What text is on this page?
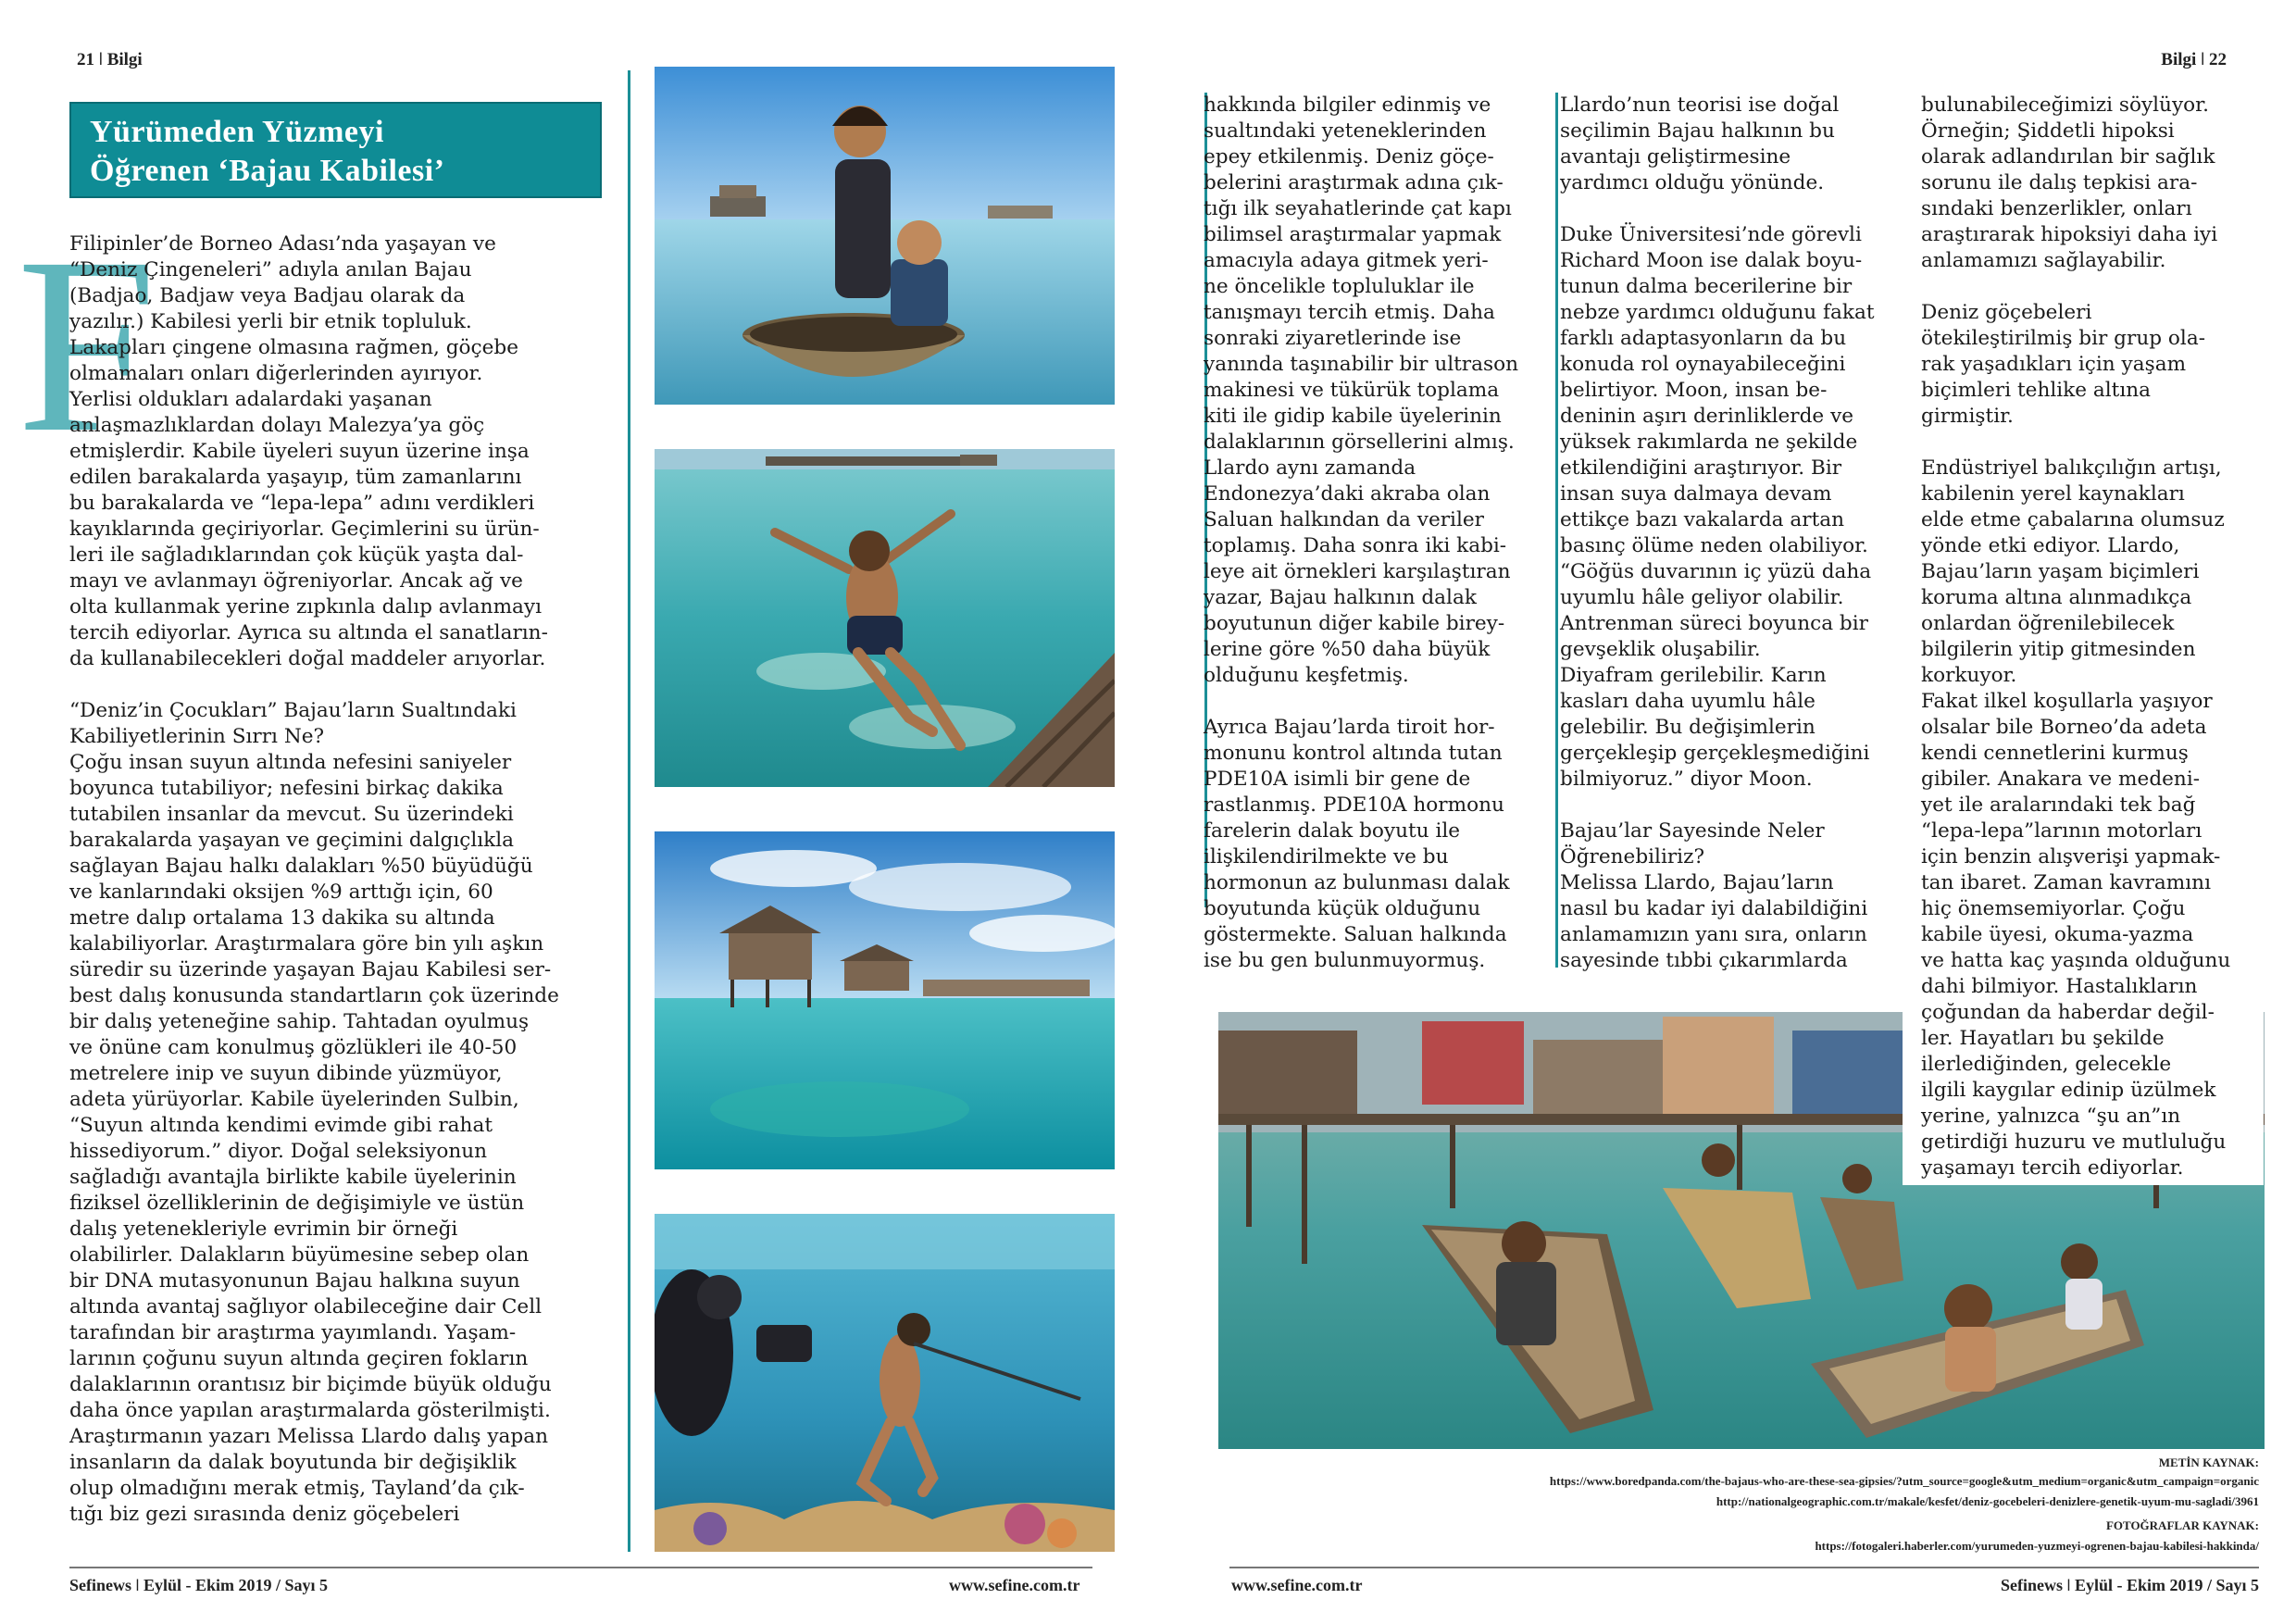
21 ǀ Bilgi	Bilgi ǀ 22
Yürümeden Yüzmeyi
Öğrenen ‘Bajau Kabilesi’
F

Filipinler’de Borneo Adası’nda yaşayan ve
“Deniz Çingeneleri” adıyla anılan Bajau
(Badjao, Badjaw veya Badjau olarak da
yazılır.) Kabilesi yerli bir etnik topluluk.
Lakapları çingene olmasına rağmen, göçebe
olmamaları onları diğerlerinden ayırıyor.
Yerlisi oldukları adalardaki yaşanan
anlaşmazlıklardan dolayı Malezya’ya göç
etmişlerdir. Kabile üyeleri suyun üzerine inşa
edilen barakalarda yaşayıp, tüm zamanlarını
bu barakalarda ve “lepa-lepa” adını verdikleri
kayıklarında geçiriyorlar. Geçimlerini su ürün-
leri ile sağladıklarından çok küçük yaşta dal-
mayı ve avlanmayı öğreniyorlar. Ancak ağ ve
olta kullanmak yerine zıpkınla dalıp avlanmayı
tercih ediyorlar. Ayrıca su altında el sanatların-
da kullanabilecekleri doğal maddeler arıyorlar.

“Deniz’in Çocukları” Bajau’ların Sualtındaki
Kabiliyetlerinin Sırrı Ne?
Çoğu insan suyun altında nefesini saniyeler
boyunca tutabiliyor; nefesini birkaç dakika
tutabilen insanlar da mevcut. Su üzerindeki
barakalarda yaşayan ve geçimini dalgıçlıkla
sağlayan Bajau halkı dalakları %50 büyüdüğü
ve kanlarındaki oksijen %9 arttığı için, 60
metre dalıp ortalama 13 dakika su altında
kalabiliyorlar. Araştırmalara göre bin yılı aşkın
süredir su üzerinde yaşayan Bajau Kabilesi ser-
best dalış konusunda standartların çok üzerinde
bir dalış yeteneğine sahip. Tahtadan oyulmuş
ve önüne cam konulmuş gözlükleri ile 40-50
metrelere inip ve suyun dibinde yüzmüyor,
adeta yürüyorlar. Kabile üyelerinden Sulbin,
“Suyun altında kendimi evimde gibi rahat
hissediyorum.” diyor. Doğal seleksiyonun
sağladığı avantajla birlikte kabile üyelerinin
fiziksel özelliklerinin de değişimiyle ve üstün
dalış yetenekleriyle evrimin bir örneği
olabilirler. Dalakların büyümesine sebep olan
bir DNA mutasyonunun Bajau halkına suyun
altında avantaj sağlıyor olabileceğine dair Cell
tarafından bir araştırma yayımlandı. Yaşam-
larının çoğunu suyun altında geçiren fokların
dalaklarının orantısız bir biçimde büyük olduğu
daha önce yapılan araştırmalarda gösterilmişti.
Araştırmanın yazarı Melissa Llardo dalış yapan
insanların da dalak boyutunda bir değişiklik
olup olmadığını merak etmiş, Tayland’da çık-
tığı biz gezi sırasında deniz göçebeleri

hakkında bilgiler edinmiş ve
sualtındaki yeteneklerinden
epey etkilenmiş. Deniz göçe-
belerini araştırmak adına çık-
tığı ilk seyahatlerinde çat kapı
bilimsel araştırmalar yapmak
amacıyla adaya gitmek yeri-
ne öncelikle topluluklar ile
tanışmayı tercih etmiş. Daha
sonraki ziyaretlerinde ise
yanında taşınabilir bir ultrason
makinesi ve tükürük toplama
kiti ile gidip kabile üyelerinin
dalaklarının görsellerini almış.
Llardo aynı zamanda
Endonezya’daki akraba olan
Saluan halkından da veriler
toplamış. Daha sonra iki kabi-
leye ait örnekleri karşılaştıran
yazar, Bajau halkının dalak
boyutunun diğer kabile birey-
lerine göre %50 daha büyük
olduğunu keşfetmiş.

Ayrıca Bajau’larda tiroit hor-
monunu kontrol altında tutan
PDE10A isimli bir gene de
rastlanmış. PDE10A hormonu
farelerin dalak boyutu ile
ilişkilendirilmekte ve bu
hormonun az bulunması dalak
boyutunda küçük olduğunu
göstermekte. Saluan halkında
ise bu gen bulunmuyormuş.

Llardo’nun teorisi ise doğal
seçilimin Bajau halkının bu
avantajı geliştirmesine
yardımcı olduğu yönünde.

Duke Üniversitesi’nde görevli
Richard Moon ise dalak boyu-
tunun dalma becerilerine bir
nebze yardımcı olduğunu fakat
farklı adaptasyonların da bu
konuda rol oynayabileceğini
belirtiyor. Moon, insan be-
deninin aşırı derinliklerde ve
yüksek rakımlarda ne şekilde
etkilendiğini araştırıyor. Bir
insan suya dalmaya devam
ettikçe bazı vakalarda artan
basınç ölüme neden olabiliyor.
“Göğüs duvarının iç yüzü daha
uyumlu hâle geliyor olabilir.
Antrenman süreci boyunca bir
gevşeklik oluşabilir.
Diyafram gerilebilir. Karın
kasları daha uyumlu hâle
gelebilir. Bu değişimlerin
gerçekleşip gerçekleşmediğini
bilmiyoruz.” diyor Moon.

Bajau’lar Sayesinde Neler
Öğrenebiliriz?
Melissa Llardo, Bajau’ların
nasıl bu kadar iyi dalabildiğini
anlamamızın yanı sıra, onların
sayesinde tıbbi çıkarımlarda

bulunabileceğimizi söylüyor.
Örneğin; Şiddetli hipoksi
olarak adlandırılan bir sağlık
sorunu ile dalış tepkisi ara-
sındaki benzerlikler, onları
araştırarak hipoksiyi daha iyi
anlamamızı sağlayabilir.

Deniz göçebeleri
ötekileştirilmiş bir grup ola-
rak yaşadıkları için yaşam
biçimleri tehlike altına
girmiştir.

Endüstriyel balıkçılığın artışı,
kabilenin yerel kaynakları
elde etme çabalarına olumsuz
yönde etki ediyor. Llardo,
Bajau’ların yaşam biçimleri
koruma altına alınmadıkça
onlardan öğrenilebilecek
bilgilerin yitip gitmesinden
korkuyor.
Fakat ilkel koşullarla yaşıyor
olsalar bile Borneo’da adeta
kendi cennetlerini kurmuş
gibiler. Anakara ve medeni-
yet ile aralarındaki tek bağ
“lepa-lepa”larının motorları
için benzin alışverişi yapmak-
tan ibaret. Zaman kavramını
hiç önemsemiyorlar. Çoğu
kabile üyesi, okuma-yazma
ve hatta kaç yaşında olduğunu
dahi bilmiyor. Hastalıkların
çoğundan da haberdar değil-
ler. Hayatları bu şekilde
ilerlediğinden, gelecekle
ilgili kaygılar edinip üzülmek
yerine, yalnızca “şu an”ın
getirdiği huzuru ve mutluluğu
yaşamayı tercih ediyorlar.

METİN KAYNAK:
https://www.boredpanda.com/the-bajaus-who-are-these-sea-gipsies/?utm_source=google&utm_medium=organic&utm_campaign=organic
http://nationalgeographic.com.tr/makale/kesfet/deniz-gocebeleri-denizlere-genetik-uyum-mu-sagladi/3961
FOTOĞRAFLAR KAYNAK:
https://fotogaleri.haberler.com/yurumeden-yuzmeyi-ogrenen-bajau-kabilesi-hakkinda/
Sefinews ǀ Eylül - Ekim 2019 / Sayı 5	www.sefine.com.tr	www.sefine.com.tr	Sefinews ǀ Eylül - Ekim 2019 / Sayı 5
